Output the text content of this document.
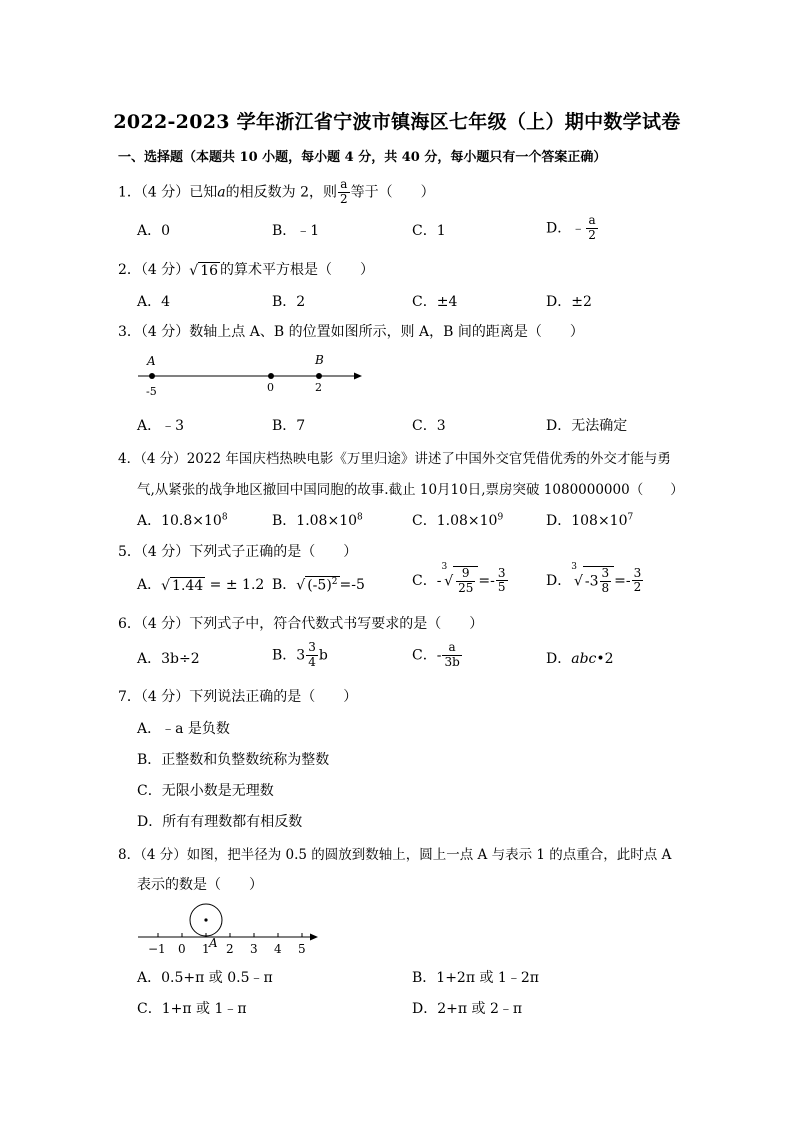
2022-2023 学年浙江省宁波市镇海区七年级（上）期中数学试卷
一、选择题（本题共 10 小题，每小题 4 分，共 40 分，每小题只有一个答案正确）
1．（4 分）已知a的相反数为 2，则 $\frac{a}{2}$ 等于（　　）
A．0	B．﹣1	C．1	D．﹣ $\frac{a}{2}$
2．（4 分）√ 16 的算术平方根是（　　）
A．4	B．2	C．±4	D．±2
3．（4 分）数轴上点 A、B 的位置如图所示，则 A，B 间的距离是（　　）
A	B
-5	0	2
A．﹣3	B．7	C．3	D．无法确定
4．（4 分）2022 年国庆档热映电影《万里归途》讲述了中国外交官凭借优秀的外交才能与勇
气,从紧张的战争地区撤回中国同胞的故事.截止 10月10日,票房突破 1080000000（　　）
A．$10.8\times 10^8$	B．$1.08\times 10^8$	C．$1.08\times 10^9$	D．$108\times 10^7$
5．（4 分）下列式子正确的是（　　）
A．√ 1.44 = ± 1.2 B．√ $(-5)^2 =-5$	C．$-^3√ \frac{9}{25} =- \frac{3}{5}$	D．$^3$√ $-3 \frac{3}{8} =- \frac{3}{2}$
6．（4 分）下列式子中，符合代数式书写要求的是（　　）
A．3b÷2	B．$3 \frac{3}{4}$ b	C．- $\frac{a}{3b}$	D．abc•2
7．（4 分）下列说法正确的是（　　）
A．﹣a 是负数
B．正整数和负整数统称为整数
C．无限小数是无理数
D．所有有理数都有相反数
8．（4 分）如图，把半径为 0.5 的圆放到数轴上，圆上一点 A 与表示 1 的点重合，此时点 A
表示的数是（　　）
−1 0 1 2 3 4 5
A
A．0.5+π 或 0.5﹣π	B．1+2π 或 1﹣2π
C．1+π 或 1﹣π	D．2+π 或 2﹣π
